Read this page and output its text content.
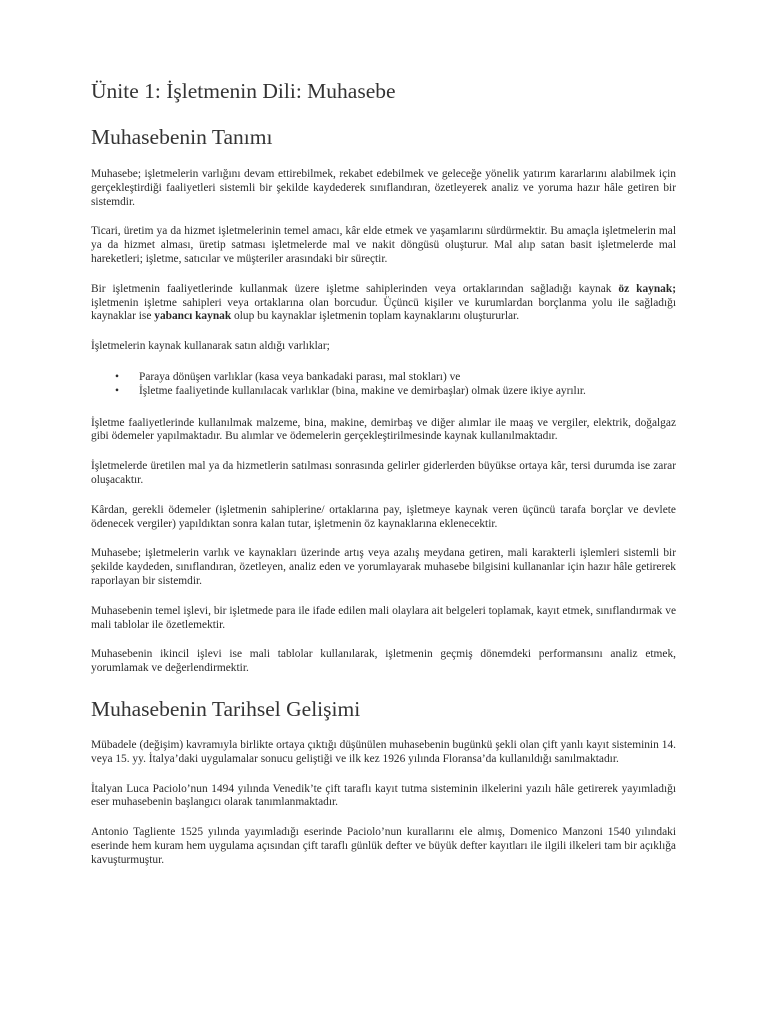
Ünite 1: İşletmenin Dili: Muhasebe
Muhasebenin Tanımı

Muhasebe; işletmelerin varlığını devam ettirebilmek, rekabet edebilmek ve geleceğe yönelik yatırım kararlarını alabilmek için gerçekleştirdiği faaliyetleri sistemli bir şekilde kaydederek sınıflandıran, özetleyerek analiz ve yoruma hazır hâle getiren bir sistemdir.

Ticari, üretim ya da hizmet işletmelerinin temel amacı, kâr elde etmek ve yaşamlarını sürdürmektir. Bu amaçla işletmelerin mal ya da hizmet alması, üretip satması işletmelerde mal ve nakit döngüsü oluşturur. Mal alıp satan basit işletmelerde mal hareketleri; işletme, satıcılar ve müşteriler arasındaki bir süreçtir.

Bir işletmenin faaliyetlerinde kullanmak üzere işletme sahiplerinden veya ortaklarından sağladığı kaynak öz kaynak; işletmenin işletme sahipleri veya ortaklarına olan borcudur. Üçüncü kişiler ve kurumlardan borçlanma yolu ile sağladığı kaynaklar ise yabancı kaynak olup bu kaynaklar işletmenin toplam kaynaklarını oluştururlar.

İşletmelerin kaynak kullanarak satın aldığı varlıklar;

• Paraya dönüşen varlıklar (kasa veya bankadaki parası, mal stokları) ve
• İşletme faaliyetinde kullanılacak varlıklar (bina, makine ve demirbaşlar) olmak üzere ikiye ayrılır.

İşletme faaliyetlerinde kullanılmak malzeme, bina, makine, demirbaş ve diğer alımlar ile maaş ve vergiler, elektrik, doğalgaz gibi ödemeler yapılmaktadır. Bu alımlar ve ödemelerin gerçekleştirilmesinde kaynak kullanılmaktadır.

İşletmelerde üretilen mal ya da hizmetlerin satılması sonrasında gelirler giderlerden büyükse ortaya kâr, tersi durumda ise zarar oluşacaktır.

Kârdan, gerekli ödemeler (işletmenin sahiplerine/ ortaklarına pay, işletmeye kaynak veren üçüncü tarafa borçlar ve devlete ödenecek vergiler) yapıldıktan sonra kalan tutar, işletmenin öz kaynaklarına eklenecektir.

Muhasebe; işletmelerin varlık ve kaynakları üzerinde artış veya azalış meydana getiren, mali karakterli işlemleri sistemli bir şekilde kaydeden, sınıflandıran, özetleyen, analiz eden ve yorumlayarak muhasebe bilgisini kullananlar için hazır hâle getirerek raporlayan bir sistemdir.

Muhasebenin temel işlevi, bir işletmede para ile ifade edilen mali olaylara ait belgeleri toplamak, kayıt etmek, sınıflandırmak ve mali tablolar ile özetlemektir.

Muhasebenin ikincil işlevi ise mali tablolar kullanılarak, işletmenin geçmiş dönemdeki performansını analiz etmek, yorumlamak ve değerlendirmektir.

Muhasebenin Tarihsel Gelişimi

Mübadele (değişim) kavramıyla birlikte ortaya çıktığı düşünülen muhasebenin bugünkü şekli olan çift yanlı kayıt sisteminin 14. veya 15. yy. İtalya’daki uygulamalar sonucu geliştiği ve ilk kez 1926 yılında Floransa’da kullanıldığı sanılmaktadır.

İtalyan Luca Paciolo’nun 1494 yılında Venedik’te çift taraflı kayıt tutma sisteminin ilkelerini yazılı hâle getirerek yayımladığı eser muhasebenin başlangıcı olarak tanımlanmaktadır.

Antonio Tagliente 1525 yılında yayımladığı eserinde Paciolo’nun kurallarını ele almış, Domenico Manzoni 1540 yılındaki eserinde hem kuram hem uygulama açısından çift taraflı günlük defter ve büyük defter kayıtları ile ilgili ilkeleri tam bir açıklığa kavuşturmuştur.
